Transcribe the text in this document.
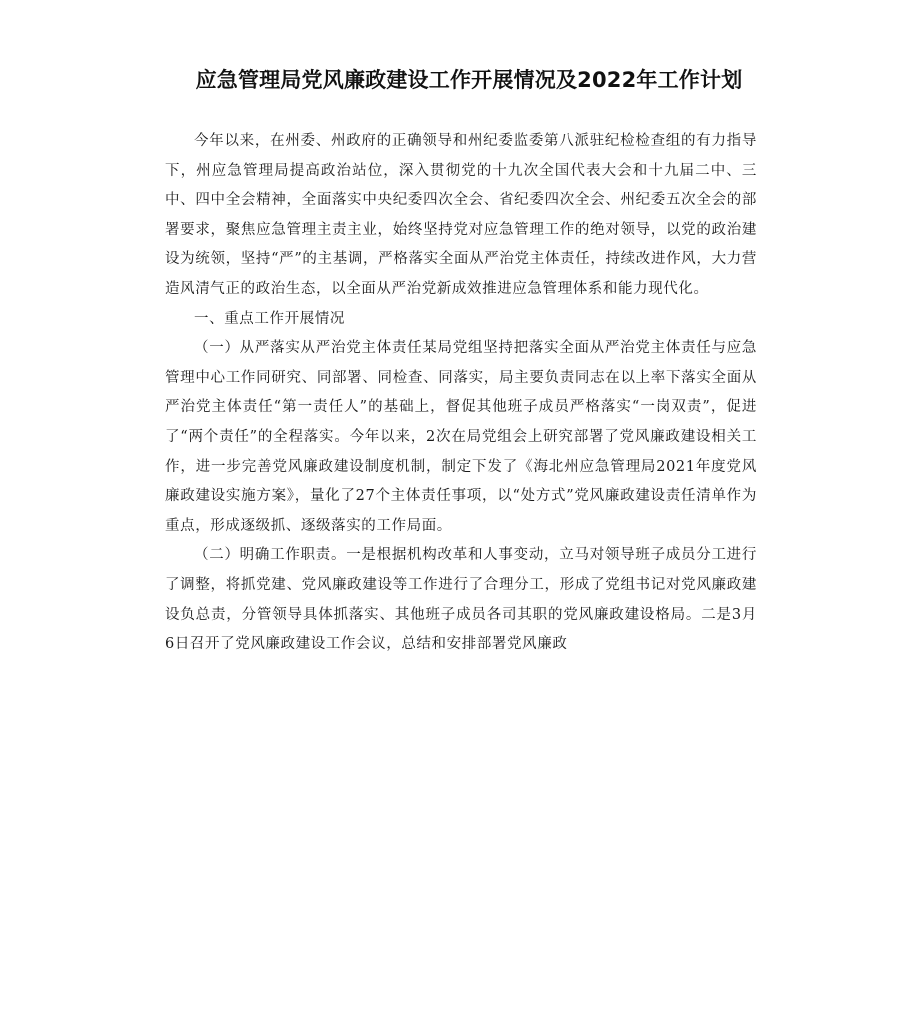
应急管理局党风廉政建设工作开展情况及2022年工作计划

今年以来，在州委、州政府的正确领导和州纪委监委第八派驻纪检检查组的有力指导下，州应急管理局提高政治站位，深入贯彻党的十九次全国代表大会和十九届二中、三中、四中全会精神，全面落实中央纪委四次全会、省纪委四次全会、州纪委五次全会的部署要求，聚焦应急管理主责主业，始终坚持党对应急管理工作的绝对领导，以党的政治建设为统领，坚持“严”的主基调，严格落实全面从严治党主体责任，持续改进作风，大力营造风清气正的政治生态，以全面从严治党新成效推进应急管理体系和能力现代化。

一、重点工作开展情况

（一）从严落实从严治党主体责任某局党组坚持把落实全面从严治党主体责任与应急管理中心工作同研究、同部署、同检查、同落实，局主要负责同志在以上率下落实全面从严治党主体责任“第一责任人”的基础上，督促其他班子成员严格落实“一岗双责”，促进了“两个责任”的全程落实。今年以来，2次在局党组会上研究部署了党风廉政建设相关工作，进一步完善党风廉政建设制度机制，制定下发了《海北州应急管理局2021年度党风廉政建设实施方案》，量化了27个主体责任事项，以“处方式”党风廉政建设责任清单作为重点，形成逐级抓、逐级落实的工作局面。

（二）明确工作职责。一是根据机构改革和人事变动，立马对领导班子成员分工进行了调整，将抓党建、党风廉政建设等工作进行了合理分工，形成了党组书记对党风廉政建设负总责，分管领导具体抓落实、其他班子成员各司其职的党风廉政建设格局。二是3月6日召开了党风廉政建设工作会议，总结和安排部署党风廉政
